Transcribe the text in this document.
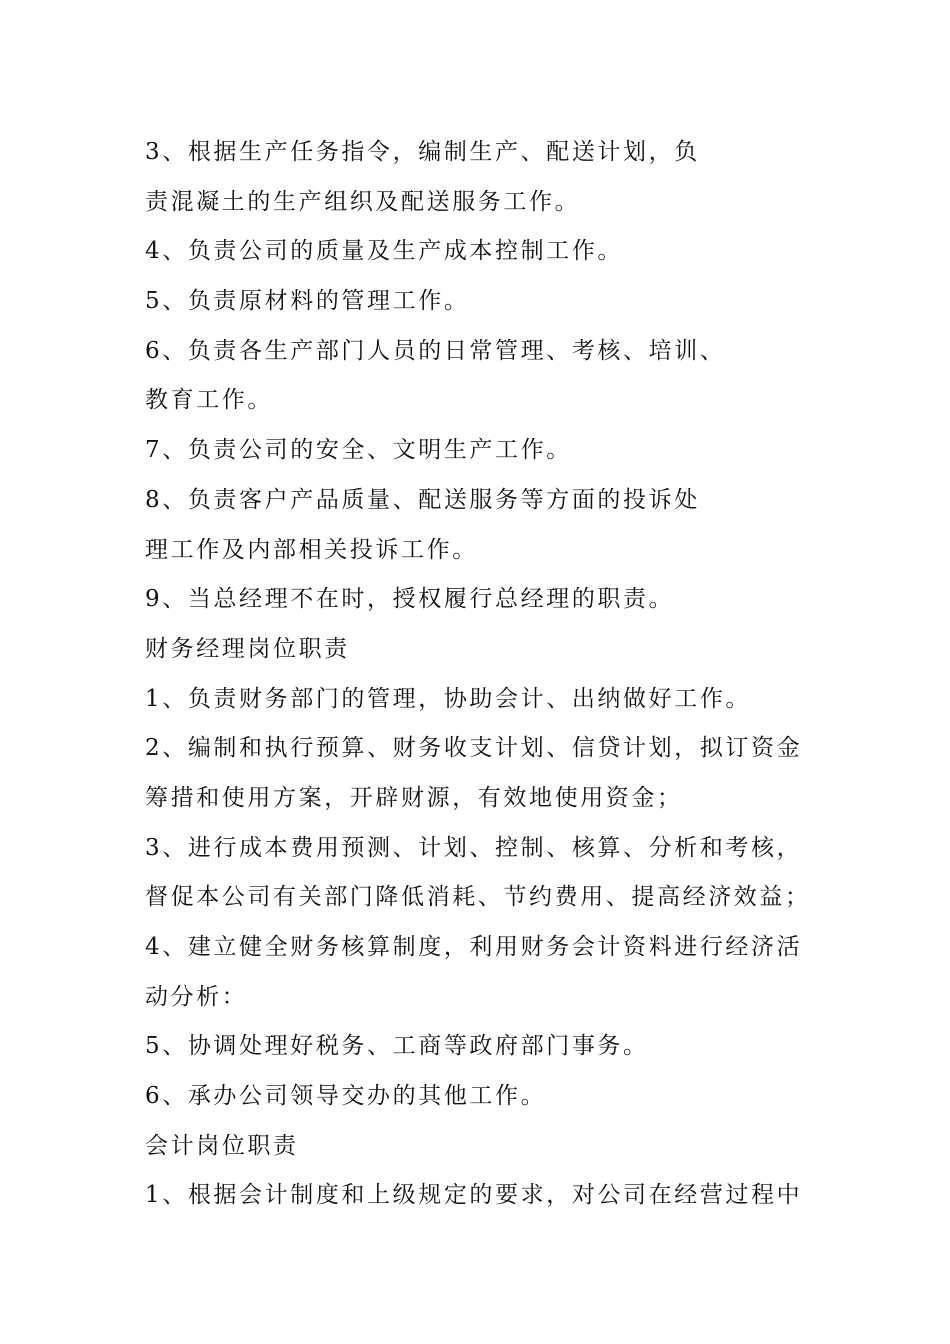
3、根据生产任务指令，编制生产、配送计划，负
责混凝土的生产组织及配送服务工作。
4、负责公司的质量及生产成本控制工作。
5、负责原材料的管理工作。
6、负责各生产部门人员的日常管理、考核、培训、
教育工作。
7、负责公司的安全、文明生产工作。
8、负责客户产品质量、配送服务等方面的投诉处
理工作及内部相关投诉工作。
9、当总经理不在时，授权履行总经理的职责。
财务经理岗位职责
1、负责财务部门的管理，协助会计、出纳做好工作。
2、编制和执行预算、财务收支计划、信贷计划，拟订资金
筹措和使用方案，开辟财源，有效地使用资金；
3、进行成本费用预测、计划、控制、核算、分析和考核，
督促本公司有关部门降低消耗、节约费用、提高经济效益；
4、建立健全财务核算制度，利用财务会计资料进行经济活
动分析：
5、协调处理好税务、工商等政府部门事务。
6、承办公司领导交办的其他工作。
会计岗位职责
1、根据会计制度和上级规定的要求，对公司在经营过程中
